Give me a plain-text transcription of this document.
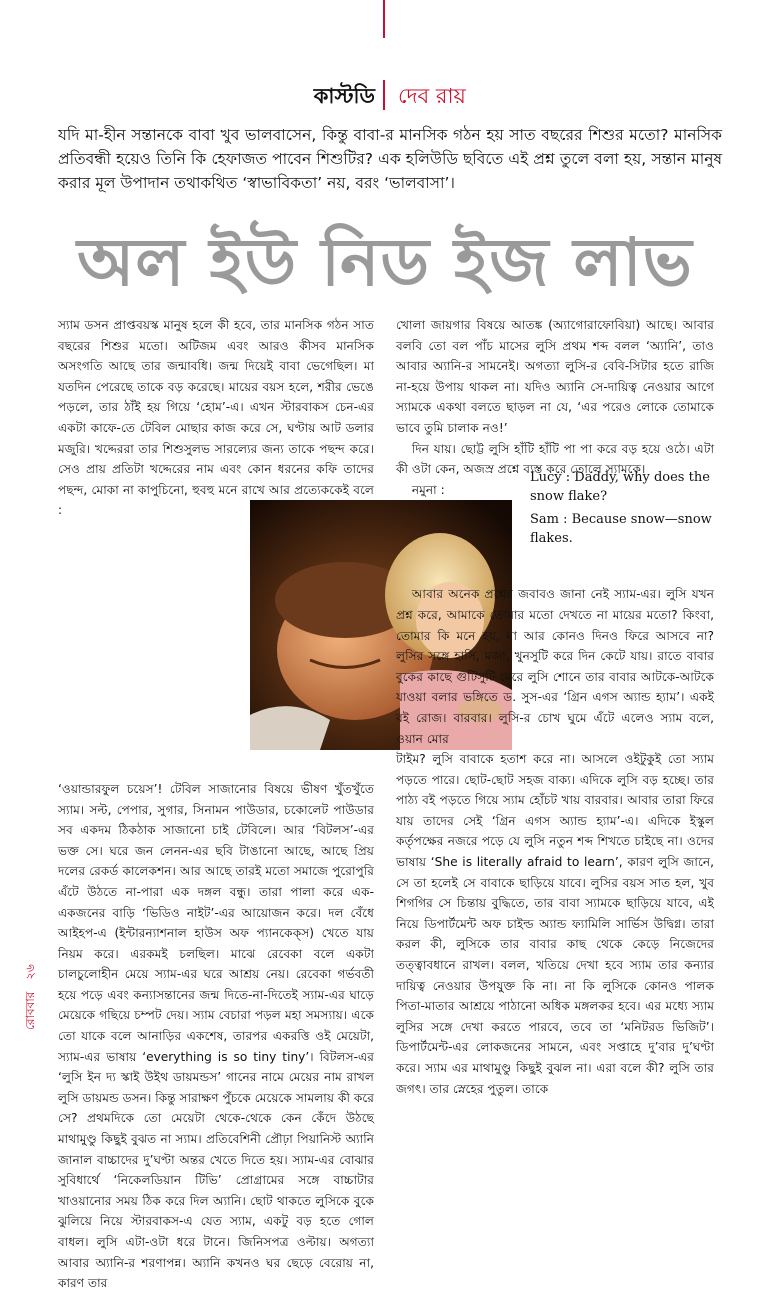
কাস্টডি দেব রায়
যদি মা-হীন সন্তানকে বাবা খুব ভালবাসেন, কিন্তু বাবা-র মানসিক গঠন হয় সাত বছরের শিশুর মতো? মানসিক প্রতিবন্ধী হয়েও তিনি কি হেফাজত পাবেন শিশুটির? এক হলিউডি ছবিতে এই প্রশ্ন তুলে বলা হয়, সন্তান মানুষ করার মূল উপাদান তথাকথিত ‘স্বাভাবিকতা’ নয়, বরং ‘ভালবাসা’।
অল ইউ নিড ইজ লাভ

স্যাম ডসন প্রাপ্তবয়স্ক মানুষ হলে কী হবে, তার মানসিক গঠন সাত বছরের শিশুর মতো। অটিজম এবং আরও কীসব মানসিক অসংগতি আছে তার জন্মাবধি। জন্ম দিয়েই বাবা ভেগেছিল। মা যতদিন পেরেছে তাকে বড় করেছে। মায়ের বয়স হলে, শরীর ভেঙে পড়লে, তার ঠাঁই হয় গিয়ে ‘হোম’-এ। এখন স্টারবাকস চেন-এর একটা কাফে-তে টেবিল মোছার কাজ করে সে, ঘণ্টায় আট ডলার মজুরি। খদ্দেররা তার শিশুসুলভ সারল্যের জন্য তাকে পছন্দ করে। সেও প্রায় প্রতিটা খদ্দেরের নাম এবং কোন ধরনের কফি তাদের পছন্দ, মোকা না কাপুচিনো, হুবহু মনে রাখে আর প্রত্যেককেই বলে :

‘ওয়ান্ডারফুল চয়েস’! টেবিল সাজানোর বিষয়ে ভীষণ খুঁতখুঁতে স্যাম। সল্ট, পেপার, সুগার, সিনামন পাউডার, চকোলেট পাউডার সব একদম ঠিকঠাক সাজানো চাই টেবিলে। আর ‘বিটলস’-এর ভক্ত সে। ঘরে জন লেনন-এর ছবি টাঙানো আছে, আছে প্রিয় দলের রেকর্ড কালেকশন। আর আছে তারই মতো সমাজে পুরোপুরি এঁটে উঠতে না-পারা এক দঙ্গল বন্ধু। তারা পালা করে এক-একজনের বাড়ি ‘ভিডিও নাইট’-এর আয়োজন করে। দল বেঁধে আইহপ-এ (ইন্টারন্যাশনাল হাউস অফ প্যানকেক্‌স) খেতে যায় নিয়ম করে। এরকমই চলছিল। মাঝে রেবেকা বলে একটা চালচুলোহীন মেয়ে স্যাম-এর ঘরে আশ্রয় নেয়। রেবেকা গর্ভবতী হয়ে পড়ে এবং কন্যাসন্তানের জন্ম দিতে-না-দিতেই স্যাম-এর ঘাড়ে মেয়েকে গছিয়ে চম্পট দেয়। স্যাম বেচারা পড়ল মহা সমস্যায়। একে তো যাকে বলে আনাড়ির একশেষ, তারপর একরত্তি ওই মেয়েটা, স্যাম-এর ভাষায় ‘everything is so tiny tiny’। বিটলস-এর ‘লুসি ইন দ্য স্কাই উইথ ডায়মন্ডস’ গানের নামে মেয়ের নাম রাখল লুসি ডায়মন্ড ডসন। কিন্তু সারাক্ষণ পুঁচকে মেয়েকে সামলায় কী করে সে? প্রথমদিকে তো মেয়েটা থেকে-থেকে কেন কেঁদে উঠছে মাথামুণ্ডু কিছুই বুঝত না স্যাম। প্রতিবেশিনী প্রৌঢ়া পিয়ানিস্ট অ্যানি জানাল বাচ্চাদের দু’ঘণ্টা অন্তর খেতে দিতে হয়। স্যাম-এর বোঝার সুবিধার্থে ‘নিকেলডিয়ান টিভি’ প্রোগ্রামের সঙ্গে বাচ্চাটার খাওয়ানোর সময় ঠিক করে দিল অ্যানি। ছোট থাকতে লুসিকে বুকে ঝুলিয়ে নিয়ে স্টারবাকস-এ যেত স্যাম, একটু বড় হতে গোল বাধল। লুসি এটা-ওটা ধরে টানে। জিনিসপত্র ওল্টায়। অগত্যা আবার অ্যানি-র শরণাপন্ন। অ্যানি কখনও ঘর ছেড়ে বেরোয় না, কারণ তার

খোলা জায়গার বিষয়ে আতঙ্ক (অ্যাগোরাফোবিয়া) আছে। আবার বলবি তো বল পাঁচ মাসের লুসি প্রথম শব্দ বলল ‘অ্যানি’, তাও আবার অ্যানি-র সামনেই। অগত্যা লুসি-র বেবি-সিটার হতে রাজি না-হয়ে উপায় থাকল না। যদিও অ্যানি সে-দায়িত্ব নেওয়ার আগে স্যামকে একথা বলতে ছাড়ল না যে, ‘এর পরেও লোকে তোমাকে ভাবে তুমি চালাক নও!’

দিন যায়। ছোট্ট লুসি হাঁটি হাঁটি পা পা করে বড় হয়ে ওঠে। এটা কী ওটা কেন, অজস্র প্রশ্নে ব্যস্ত করে তোলে স্যামকে।

নমুনা :

আবার অনেক প্রশ্নের জবাবও জানা নেই স্যাম-এর। লুসি যখন প্রশ্ন করে, আমাকে তোমার মতো দেখতে না মায়ের মতো? কিংবা, তোমার কি মনে হয়, মা আর কোনও দিনও ফিরে আসবে না? লুসির সঙ্গে হাসি, মজা, খুনসুটি করে দিন কেটে যায়। রাতে বাবার বুকের কাছে গুটিসুটি মেরে লুসি শোনে তার বাবার আটকে-আটকে যাওয়া বলার ভঙ্গিতে ড. সুস-এর ‘গ্রিন এগস অ্যান্ড হ্যাম’। একই বই রোজ। বারবার। লুসি-র চোখ ঘুমে এঁটে এলেও স্যাম বলে, ওয়ান মোর

টাইম? লুসি বাবাকে হতাশ করে না। আসলে ওইটুকুই তো স্যাম পড়তে পারে। ছোট-ছোট সহজ বাক্য। এদিকে লুসি বড় হচ্ছে। তার পাঠ্য বই পড়তে গিয়ে স্যাম হোঁচট খায় বারবার। আবার তারা ফিরে যায় তাদের সেই ‘গ্রিন এগস অ্যান্ড হ্যাম’-এ। এদিকে ইস্কুল কর্তৃপক্ষের নজরে পড়ে যে লুসি নতুন শব্দ শিখতে চাইছে না। ওদের ভাষায় ‘She is literally afraid to learn’, কারণ লুসি জানে, সে তা হলেই সে বাবাকে ছাড়িয়ে যাবে। লুসির বয়স সাত হল, খুব শিগগির সে চিন্তায় বুদ্ধিতে, তার বাবা স্যামকে ছাড়িয়ে যাবে, এই নিয়ে ডিপার্টমেন্ট অফ চাইল্ড অ্যান্ড ফ্যামিলি সার্ভিস উদ্বিগ্ন। তারা করল কী, লুসিকে তার বাবার কাছ থেকে কেড়ে নিজেদের তত্ত্বাবধানে রাখল। বলল, খতিয়ে দেখা হবে স্যাম তার কন্যার দায়িত্ব নেওয়ার উপযুক্ত কি না। না কি লুসিকে কোনও পালক পিতা-মাতার আশ্রয়ে পাঠানো অধিক মঙ্গলকর হবে। এর মধ্যে স্যাম লুসির সঙ্গে দেখা করতে পারবে, তবে তা ‘মনিটরড ভিজিট’। ডিপার্টমেন্ট-এর লোকজনের সামনে, এবং সপ্তাহে দু’বার দু’ঘণ্টা করে। স্যাম এর মাথামুণ্ডু কিছুই বুঝল না। এরা বলে কী? লুসি তার জগৎ। তার স্নেহের পুতুল। তাকে

Lucy : Daddy, why does the snow flake?

Sam : Because snow—snow flakes.

রোববার ২৬
